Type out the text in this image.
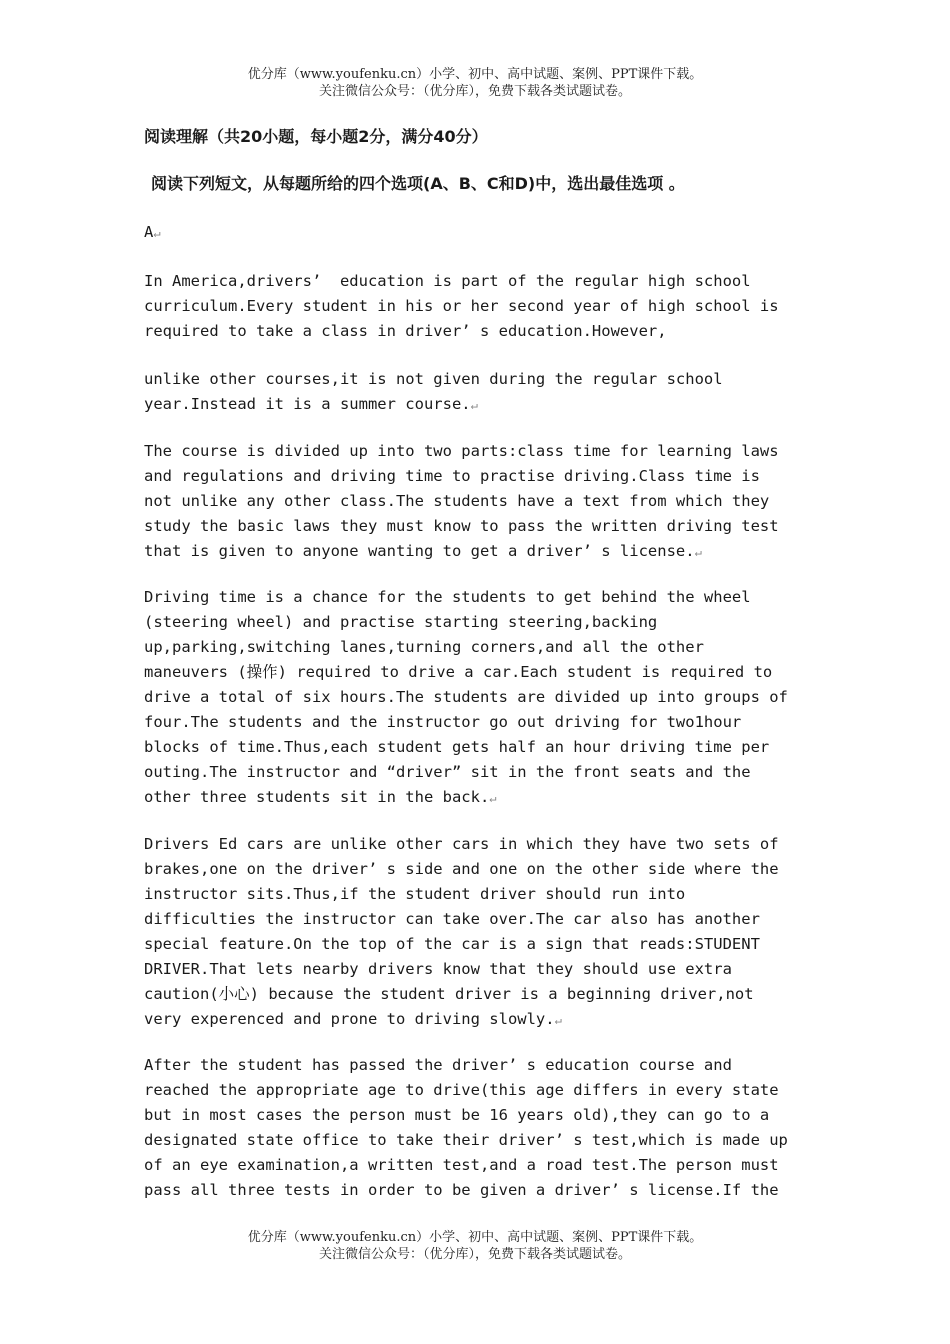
优分库（www.youfenku.cn）小学、初中、高中试题、案例、PPT课件下载。
关注微信公众号：（优分库），免费下载各类试题试卷。
阅读理解（共20小题，每小题2分，满分40分）
阅读下列短文，从每题所给的四个选项(A、B、C和D)中，选出最佳选项 。
A↵
In America,drivers’  education is part of the regular high school
curriculum.Every student in his or her second year of high school is
required to take a class in driver’ s education.However,
unlike other courses,it is not given during the regular school
year.Instead it is a summer course.↵
The course is divided up into two parts:class time for learning laws
and regulations and driving time to practise driving.Class time is
not unlike any other class.The students have a text from which they
study the basic laws they must know to pass the written driving test
that is given to anyone wanting to get a driver’ s license.↵
Driving time is a chance for the students to get behind the wheel
(steering wheel) and practise starting steering,backing
up,parking,switching lanes,turning corners,and all the other
maneuvers (操作) required to drive a car.Each student is required to
drive a total of six hours.The students are divided up into groups of
four.The students and the instructor go out driving for two1hour
blocks of time.Thus,each student gets half an hour driving time per
outing.The instructor and “driver” sit in the front seats and the
other three students sit in the back.↵
Drivers Ed cars are unlike other cars in which they have two sets of
brakes,one on the driver’ s side and one on the other side where the
instructor sits.Thus,if the student driver should run into
difficulties the instructor can take over.The car also has another
special feature.On the top of the car is a sign that reads:STUDENT
DRIVER.That lets nearby drivers know that they should use extra
caution(小心) because the student driver is a beginning driver,not
very experenced and prone to driving slowly.↵
After the student has passed the driver’ s education course and
reached the appropriate age to drive(this age differs in every state
but in most cases the person must be 16 years old),they can go to a
designated state office to take their driver’ s test,which is made up
of an eye examination,a written test,and a road test.The person must
pass all three tests in order to be given a driver’ s license.If the
优分库（www.youfenku.cn）小学、初中、高中试题、案例、PPT课件下载。
关注微信公众号：（优分库），免费下载各类试题试卷。
